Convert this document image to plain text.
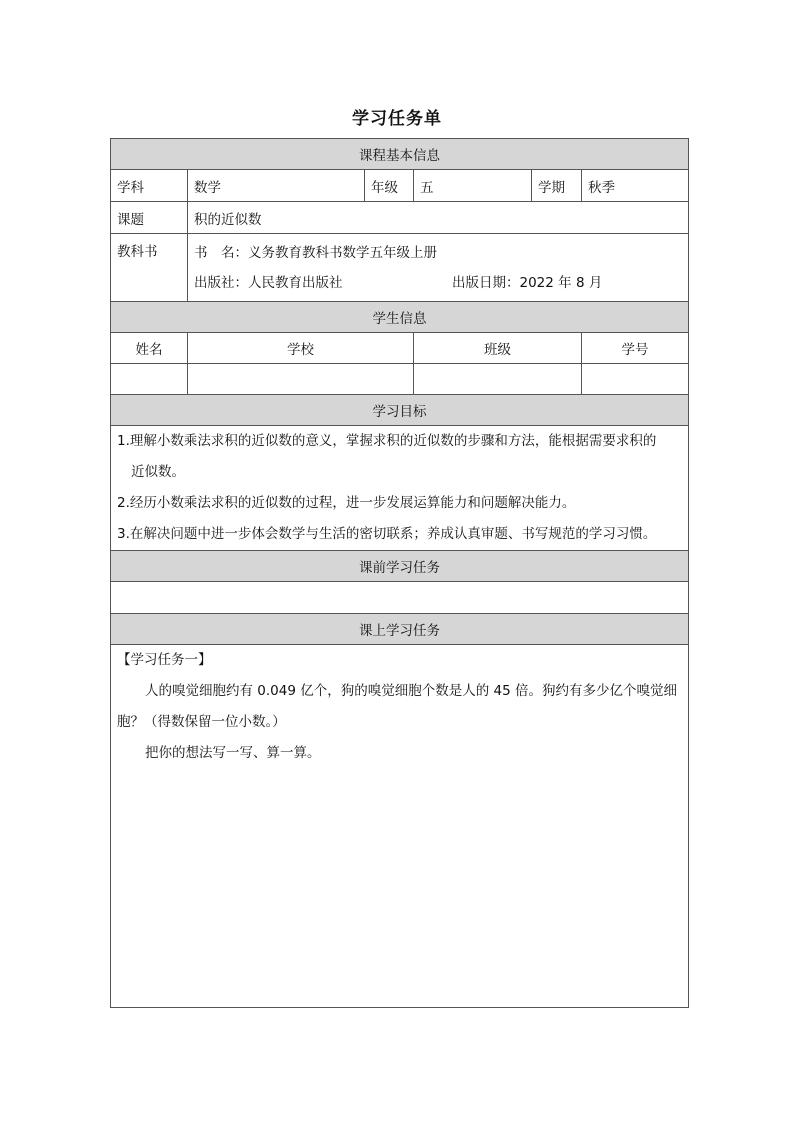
学习任务单
课程基本信息					
学科	数学	年级	五	学期	秋季
课题	积的近似数				
教科书	书　名：义务教育教科书数学五年级上册
出版社：人民教育出版社 出版日期：2022 年 8 月				

学生信息					
姓名	学校		班级		学号

学习目标					

1.理解小数乘法求积的近似数的意义，掌握求积的近似数的步骤和方法，能根据需要求积的
近似数。
2.经历小数乘法求积的近似数的过程，进一步发展运算能力和问题解决能力。
3.在解决问题中进一步体会数学与生活的密切联系；养成认真审题、书写规范的学习习惯。					

课前学习任务					

课上学习任务					

【学习任务一】
人的嗅觉细胞约有 0.049 亿个，狗的嗅觉细胞个数是人的 45 倍。狗约有多少亿个嗅觉细
胞？（得数保留一位小数。）
把你的想法写一写、算一算。					
